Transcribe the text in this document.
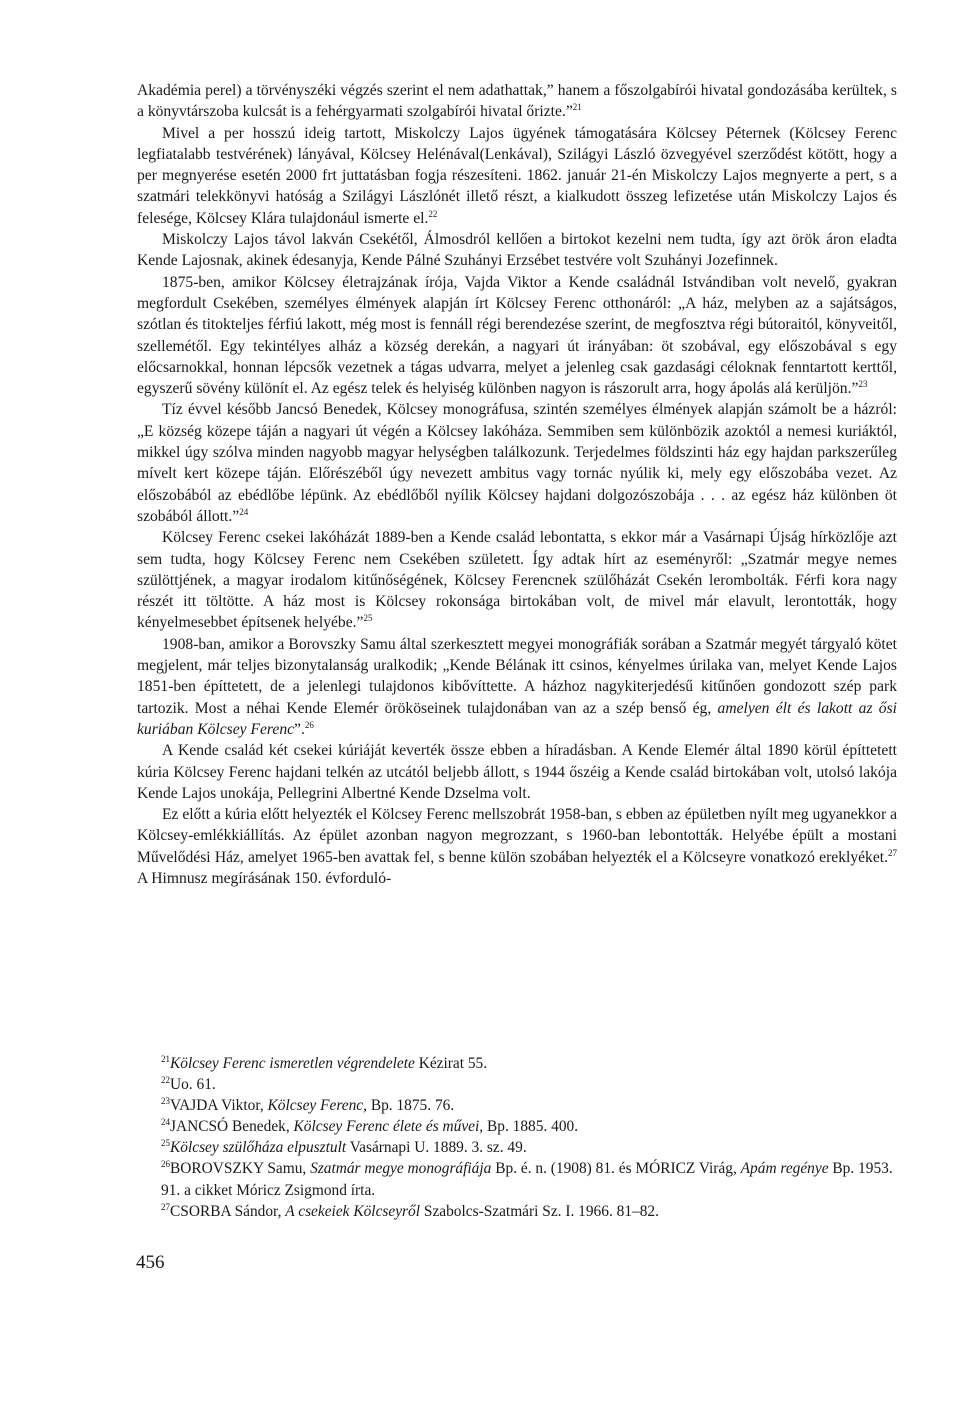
Akadémia perel) a törvényszéki végzés szerint el nem adathattak,” hanem a főszolgabírói hivatal gondozásába kerültek, s a könyvtárszoba kulcsát is a fehérgyarmati szolgabírói hivatal őrizte.”$^{21}$

Mivel a per hosszú ideig tartott, Miskolczy Lajos ügyének támogatására Kölcsey Péternek (Kölcsey Ferenc legfiatalabb testvérének) lányával, Kölcsey Helénával(Lenkával), Szilágyi László özvegyével szerződést kötött, hogy a per megnyerése esetén 2000 frt juttatásban fogja részesíteni. 1862. január 21-én Miskolczy Lajos megnyerte a pert, s a szatmári telekkönyvi hatóság a Szilágyi Lászlónét illető részt, a kialkudott összeg lefizetése után Miskolczy Lajos és felesége, Kölcsey Klára tulajdonául ismerte el.$^{22}$

Miskolczy Lajos távol lakván Csekétől, Álmosdról kellően a birtokot kezelni nem tudta, így azt örök áron eladta Kende Lajosnak, akinek édesanyja, Kende Pálné Szuhányi Erzsébet testvére volt Szuhányi Jozefinnek.

1875-ben, amikor Kölcsey életrajzának írója, Vajda Viktor a Kende családnál Istvándiban volt nevelő, gyakran megfordult Csekében, személyes élmények alapján írt Kölcsey Ferenc otthonáról: „A ház, melyben az a sajátságos, szótlan és titokteljes férfiú lakott, még most is fennáll régi berendezése szerint, de megfosztva régi bútoraitól, könyveitől, szellemétől. Egy tekintélyes alház a község derekán, a nagyari út irányában: öt szobával, egy előszobával s egy előcsarnokkal, honnan lépcsők vezetnek a tágas udvarra, melyet a jelenleg csak gazdasági céloknak fenntartott kerttől, egyszerű sövény különít el. Az egész telek és helyiség különben nagyon is rászorult arra, hogy ápolás alá kerüljön.”$^{23}$

Tíz évvel később Jancsó Benedek, Kölcsey monográfusa, szintén személyes élmények alapján számolt be a házról: „E község közepe táján a nagyari út végén a Kölcsey lakóháza. Semmiben sem különbözik azoktól a nemesi kuriáktól, mikkel úgy szólva minden nagyobb magyar helységben találkozunk. Terjedelmes földszinti ház egy hajdan parkszerűleg mívelt kert közepe táján. Előrészéből úgy nevezett ambitus vagy tornác nyúlik ki, mely egy előszobába vezet. Az előszobából az ebédlőbe lépünk. Az ebédlőből nyílik Kölcsey hajdani dolgozószobája . . . az egész ház különben öt szobából állott.”$^{24}$

Kölcsey Ferenc csekei lakóházát 1889-ben a Kende család lebontatta, s ekkor már a Vasárnapi Újság hírközlője azt sem tudta, hogy Kölcsey Ferenc nem Csekében született. Így adtak hírt az eseményről: „Szatmár megye nemes szülöttjének, a magyar irodalom kitűnőségének, Kölcsey Ferencnek szülőházát Csekén lerombolták. Férfi kora nagy részét itt töltötte. A ház most is Kölcsey rokonsága birtokában volt, de mivel már elavult, lerontották, hogy kényelmesebbet építsenek helyébe.”$^{25}$

1908-ban, amikor a Borovszky Samu által szerkesztett megyei monográfiák sorában a Szatmár megyét tárgyaló kötet megjelent, már teljes bizonytalanság uralkodik; „Kende Bélának itt csinos, kényelmes úrilaka van, melyet Kende Lajos 1851-ben építtetett, de a jelenlegi tulajdonos kibővíttette. A házhoz nagykiterjedésű kitűnően gondozott szép park tartozik. Most a néhai Kende Elemér örököseinek tulajdonában van az a szép benső ég, amelyen élt és lakott az ősi kuriában Kölcsey Ferenc”.$^{26}$

A Kende család két csekei kúriáját keverték össze ebben a híradásban. A Kende Elemér által 1890 körül építtetett kúria Kölcsey Ferenc hajdani telkén az utcától beljebb állott, s 1944 őszéig a Kende család birtokában volt, utolsó lakója Kende Lajos unokája, Pellegrini Albertné Kende Dzselma volt.

Ez előtt a kúria előtt helyezték el Kölcsey Ferenc mellszobrát 1958-ban, s ebben az épületben nyílt meg ugyanekkor a Kölcsey-emlékkiállítás. Az épület azonban nagyon megrozzant, s 1960-ban lebontották. Helyébe épült a mostani Művelődési Ház, amelyet 1965-ben avattak fel, s benne külön szobában helyezték el a Kölcseyre vonatkozó ereklyéket.$^{27}$ A Himnusz megírásának 150. évforduló-

$^{21}$Kölcsey Ferenc ismeretlen végrendelete Kézirat 55.

$^{22}$Uo. 61.

$^{23}$VAJDA Viktor, Kölcsey Ferenc, Bp. 1875. 76.

$^{24}$JANCSÓ Benedek, Kölcsey Ferenc élete és művei, Bp. 1885. 400.

$^{25}$Kölcsey szülőháza elpusztult Vasárnapi U. 1889. 3. sz. 49.

$^{26}$BOROVSZKY Samu, Szatmár megye monográfiája Bp. é. n. (1908) 81. és MÓRICZ Virág, Apám regénye Bp. 1953. 91. a cikket Móricz Zsigmond írta.

$^{27}$CSORBA Sándor, A csekeiek Kölcseyről Szabolcs-Szatmári Sz. I. 1966. 81–82.

456
